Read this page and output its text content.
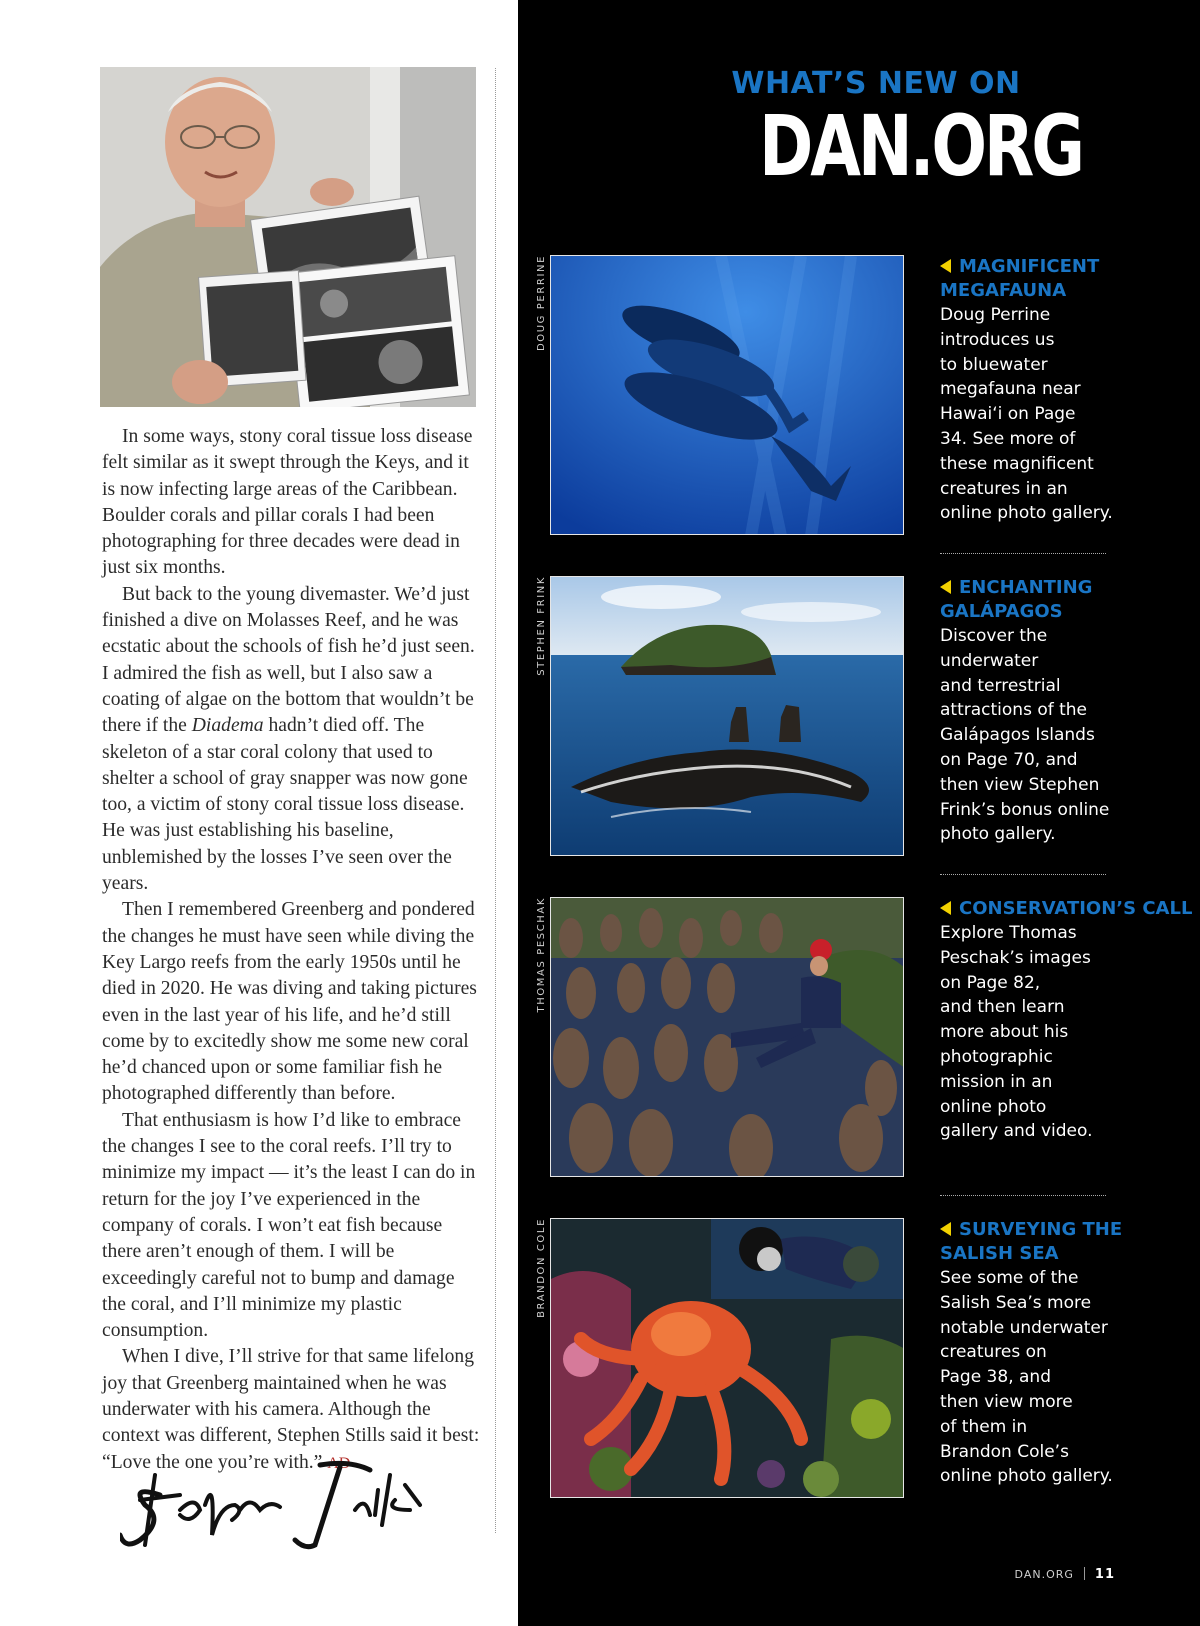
In some ways, stony coral tissue loss disease felt similar as it swept through the Keys, and it is now infecting large areas of the Caribbean. Boulder corals and pillar corals I had been photographing for three decades were dead in just six months.

But back to the young divemaster. We’d just finished a dive on Molasses Reef, and he was ecstatic about the schools of fish he’d just seen. I admired the fish as well, but I also saw a coating of algae on the bottom that wouldn’t be there if the Diadema hadn’t died off. The skeleton of a star coral colony that used to shelter a school of gray snapper was now gone too, a victim of stony coral tissue loss disease. He was just establishing his baseline, unblemished by the losses I’ve seen over the years.

Then I remembered Greenberg and pondered the changes he must have seen while diving the Key Largo reefs from the early 1950s until he died in 2020. He was diving and taking pictures even in the last year of his life, and he’d still come by to excitedly show me some new coral he’d chanced upon or some familiar fish he photographed differently than before.

That enthusiasm is how I’d like to embrace the changes I see to the coral reefs. I’ll try to minimize my impact — it’s the least I can do in return for the joy I’ve experienced in the company of corals. I won’t eat fish because there aren’t enough of them. I will be exceedingly careful not to bump and damage the coral, and I’ll minimize my plastic consumption.

When I dive, I’ll strive for that same lifelong joy that Greenberg maintained when he was underwater with his camera. Although the context was different, Stephen Stills said it best: “Love the one you’re with.” AD

WHAT’S NEW ON
DAN.ORG
DOUG PERRINE	MAGNIFICENT MEGAFAUNA
Doug Perrine
introduces us
to bluewater
megafauna near
Hawai‘i on Page
34. See more of
these magnificent
creatures in an
online photo gallery.
STEPHEN FRINK	ENCHANTING GALÁPAGOS
Discover the
underwater
and terrestrial
attractions of the
Galápagos Islands
on Page 70, and
then view Stephen
Frink’s bonus online
photo gallery.
THOMAS PESCHAK	CONSERVATION’S CALL
Explore Thomas
Peschak’s images
on Page 82,
and then learn
more about his
photographic
mission in an
online photo
gallery and video.
BRANDON COLE	SURVEYING THE SALISH SEA
See some of the
Salish Sea’s more
notable underwater
creatures on
Page 38, and
then view more
of them in
Brandon Cole’s
online photo gallery.
DAN.ORG 11
